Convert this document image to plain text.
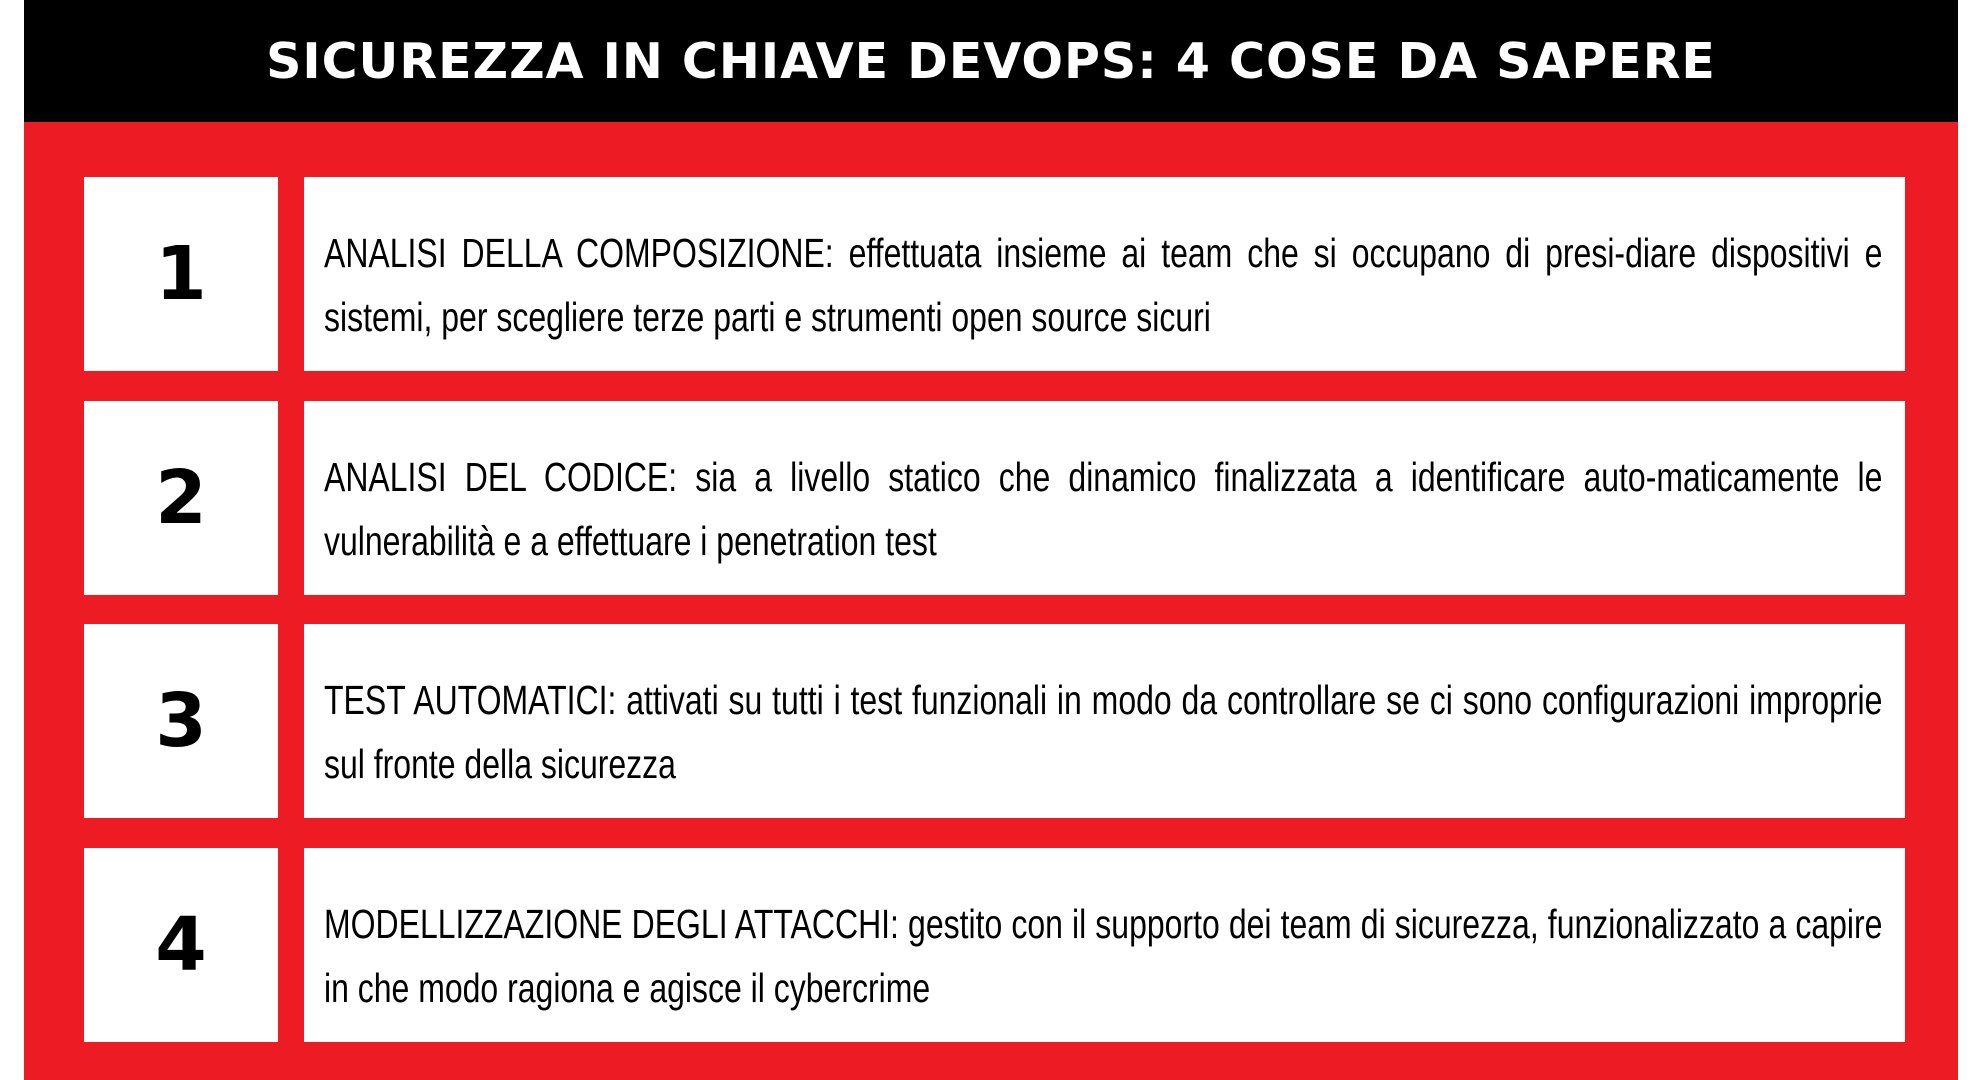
SICUREZZA IN CHIAVE DEVOPS: 4 COSE DA SAPERE
1	ANALISI DELLA COMPOSIZIONE: effettuata insieme ai team che si occupano di presi-diare dispositivi e sistemi, per scegliere terze parti e strumenti open source sicuri
2	ANALISI DEL CODICE: sia a livello statico che dinamico finalizzata a identificare auto-maticamente le vulnerabilità e a effettuare i penetration test
3	TEST AUTOMATICI: attivati su tutti i test funzionali in modo da controllare se ci sono configurazioni improprie sul fronte della sicurezza
4	MODELLIZZAZIONE DEGLI ATTACCHI: gestito con il supporto dei team di sicurezza, funzionalizzato a capire in che modo ragiona e agisce il cybercrime
